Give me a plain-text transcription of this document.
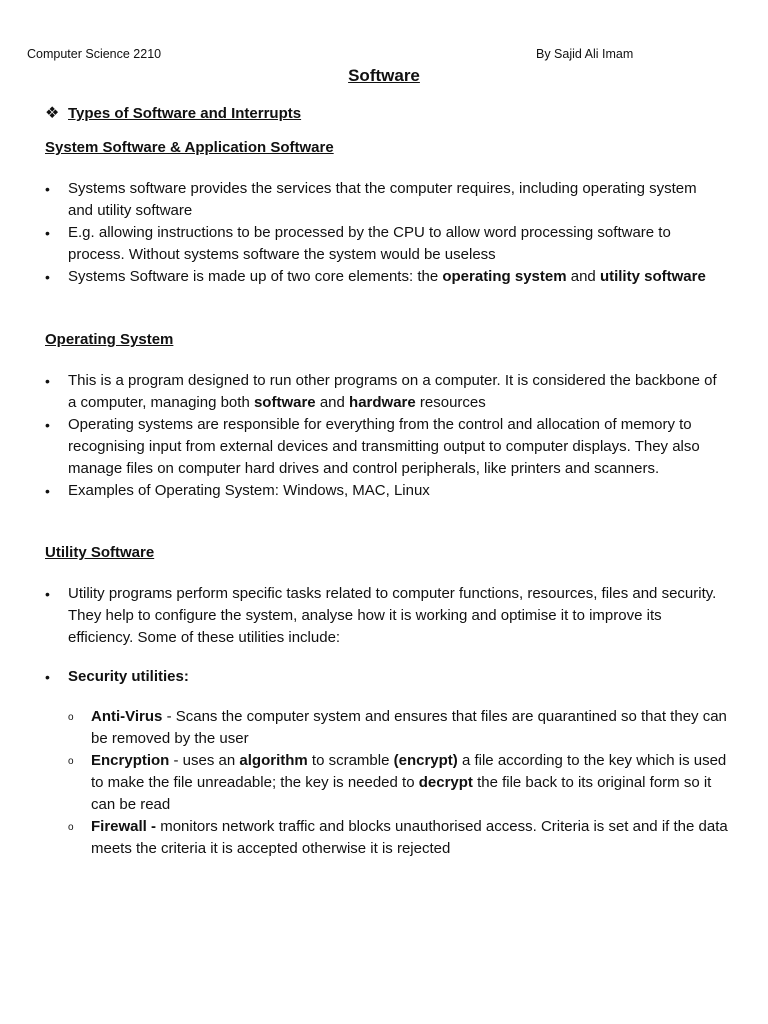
Computer Science 2210	By Sajid Ali Imam
Software
❖ Types of Software and Interrupts
System Software & Application Software
• Systems software provides the services that the computer requires, including operating system and utility software
• E.g. allowing instructions to be processed by the CPU to allow word processing software to process. Without systems software the system would be useless
• Systems Software is made up of two core elements: the operating system and utility software
Operating System
• This is a program designed to run other programs on a computer. It is considered the backbone of a computer, managing both software and hardware resources
• Operating systems are responsible for everything from the control and allocation of memory to recognising input from external devices and transmitting output to computer displays. They also manage files on computer hard drives and control peripherals, like printers and scanners.
• Examples of Operating System: Windows, MAC, Linux
Utility Software
• Utility programs perform specific tasks related to computer functions, resources, files and security. They help to configure the system, analyse how it is working and optimise it to improve its efficiency. Some of these utilities include:
• Security utilities:
o Anti-Virus - Scans the computer system and ensures that files are quarantined so that they can be removed by the user
o Encryption - uses an algorithm to scramble (encrypt) a file according to the key which is used to make the file unreadable; the key is needed to decrypt the file back to its original form so it can be read
o Firewall - monitors network traffic and blocks unauthorised access. Criteria is set and if the data meets the criteria it is accepted otherwise it is rejected
